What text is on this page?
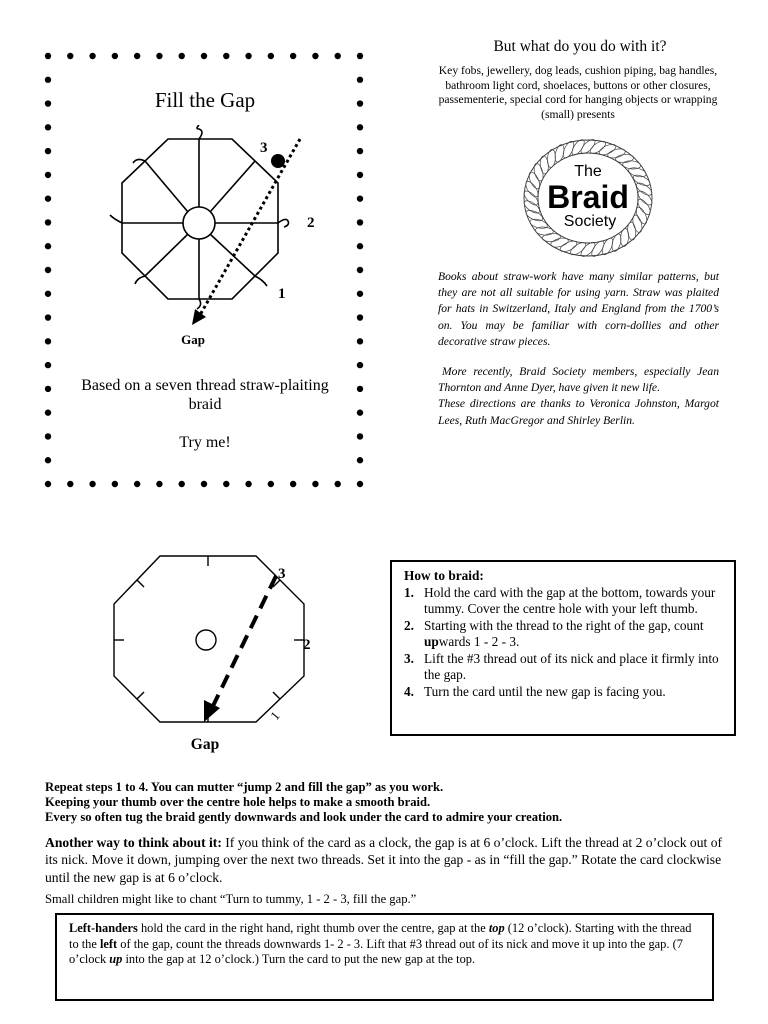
Fill the Gap
3
2
1
Gap
Based on a seven thread straw-plaiting braid
Try me!
But what do you do with it?
Key fobs, jewellery, dog leads, cushion piping, bag handles, bathroom light cord, shoelaces, buttons or other closures, passementerie, special cord for hanging objects or wrapping (small) presents
The
Braid
Society

Books about straw-work have many similar patterns, but they are not all suitable for using yarn. Straw was plaited for hats in Switzerland, Italy and England from the 1700’s on. You may be familiar with corn-dollies and other decorative straw pieces.

More recently, Braid Society members, especially Jean Thornton and Anne Dyer, have given it new life.

These directions are thanks to Veronica Johnston, Margot Lees, Ruth MacGregor and Shirley Berlin.

3
2
1
Gap
How to braid:
1. Hold the card with the gap at the bottom, towards your tummy. Cover the centre hole with your left thumb.
2. Starting with the thread to the right of the gap, count upwards 1 - 2 - 3.
3. Lift the #3 thread out of its nick and place it firmly into the gap.
4. Turn the card until the new gap is facing you.
Repeat steps 1 to 4. You can mutter “jump 2 and fill the gap” as you work.
Keeping your thumb over the centre hole helps to make a smooth braid.
Every so often tug the braid gently downwards and look under the card to admire your creation.
Another way to think about it: If you think of the card as a clock, the gap is at 6 o’clock. Lift the thread at 2 o’clock out of its nick. Move it down, jumping over the next two threads. Set it into the gap - as in “fill the gap.” Rotate the card clockwise until the new gap is at 6 o’clock.
Small children might like to chant “Turn to tummy, 1 - 2 - 3, fill the gap.”
Left-handers hold the card in the right hand, right thumb over the centre, gap at the top (12 o’clock). Starting with the thread to the left of the gap, count the threads downwards 1- 2 - 3. Lift that #3 thread out of its nick and move it up into the gap. (7 o’clock up into the gap at 12 o’clock.) Turn the card to put the new gap at the top.
